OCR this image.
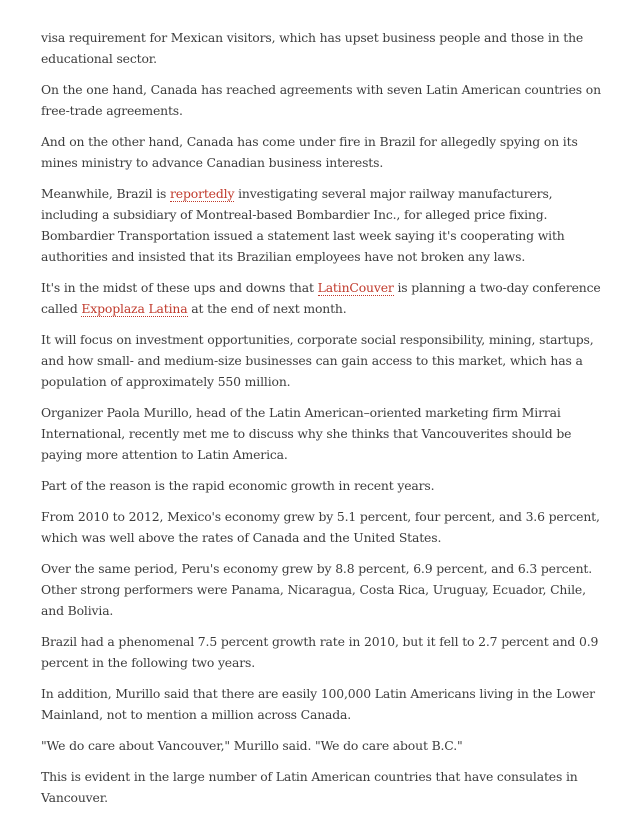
visa requirement for Mexican visitors, which has upset business people and those in the educational sector.

On the one hand, Canada has reached agreements with seven Latin American countries on free-trade agreements.

And on the other hand, Canada has come under fire in Brazil for allegedly spying on its mines ministry to advance Canadian business interests.

Meanwhile, Brazil is reportedly investigating several major railway manufacturers, including a subsidiary of Montreal-based Bombardier Inc., for alleged price fixing. Bombardier Transportation issued a statement last week saying it's cooperating with authorities and insisted that its Brazilian employees have not broken any laws.

It's in the midst of these ups and downs that LatinCouver is planning a two-day conference called Expoplaza Latina at the end of next month.

It will focus on investment opportunities, corporate social responsibility, mining, startups, and how small- and medium-size businesses can gain access to this market, which has a population of approximately 550 million.

Organizer Paola Murillo, head of the Latin American–oriented marketing firm Mirrai International, recently met me to discuss why she thinks that Vancouverites should be paying more attention to Latin America.

Part of the reason is the rapid economic growth in recent years.

From 2010 to 2012, Mexico's economy grew by 5.1 percent, four percent, and 3.6 percent, which was well above the rates of Canada and the United States.

Over the same period, Peru's economy grew by 8.8 percent, 6.9 percent, and 6.3 percent. Other strong performers were Panama, Nicaragua, Costa Rica, Uruguay, Ecuador, Chile, and Bolivia.

Brazil had a phenomenal 7.5 percent growth rate in 2010, but it fell to 2.7 percent and 0.9 percent in the following two years.

In addition, Murillo said that there are easily 100,000 Latin Americans living in the Lower Mainland, not to mention a million across Canada.

"We do care about Vancouver," Murillo said. "We do care about B.C."

This is evident in the large number of Latin American countries that have consulates in Vancouver.
